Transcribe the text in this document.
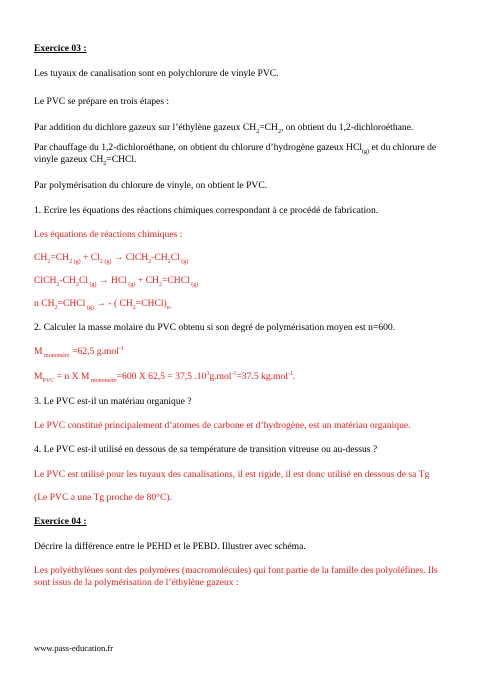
Exercice 03 :
Les tuyaux de canalisation sont en polychlorure de vinyle PVC.
Le PVC se prépare en trois étapes :
Par addition du dichlore gazeux sur l’éthylène gazeux $CH_2=CH_2$, on obtient du 1,2-dichloroéthane.
Par chauffage du 1,2-dichloroéthane, on obtient du chlorure d’hydrogène gazeux HCl$_{(g)}$ et du chlorure de vinyle gazeux $CH_2=CHCl$.
Par polymérisation du chlorure de vinyle, on obtient le PVC.
1. Ecrire les équations des réactions chimiques correspondant à ce procédé de fabrication.
Les équations de réactions chimiques :
$CH_2=CH_2$ $_{(g)} + Cl_2$ $_{(g)} \to ClCH_2-CH_2Cl$ $_{(g)}$
$ClCH_2-CH_2Cl$ $_{(g)}$ → HCl $_{(g)} + CH_2=CHCl$ $_{(g)}$
n $CH_2=CHCl$ $_{(g)}$ → - ( $CH_2=CHCl)_{n-}$
2. Calculer la masse molaire du PVC obtenu si son degré de polymérisation moyen est n=600.
M $_{monomère}$ =62,5 g.mol$^{-1}$
$M_{PVC} = n$ X M $_{monomère}$=600 X 62,5 = 37,5 $.10^3g.mol^{-1}=37.5$ kg.mol$^{-1}$.
3. Le PVC est-il un matériau organique ?
Le PVC constitué principalement d’atomes de carbone et d’hydrogène, est un matériau organique.
4. Le PVC est-il utilisé en dessous de sa température de transition vitreuse ou au-dessus ?
Le PVC est utilisé pour les tuyaux des canalisations, il est rigide, il est donc utilisé en dessous de sa Tg
(Le PVC a une Tg proche de 80°C).
Exercice 04 :
Décrire la différence entre le PEHD et le PEBD. Illustrer avec schéma.
Les polyéthylènes sont des polymères (macromolécules) qui font partie de la famille des polyoléfines. Ils sont issus de la polymérisation de l’éthylène gazeux :
www.pass-education.fr
